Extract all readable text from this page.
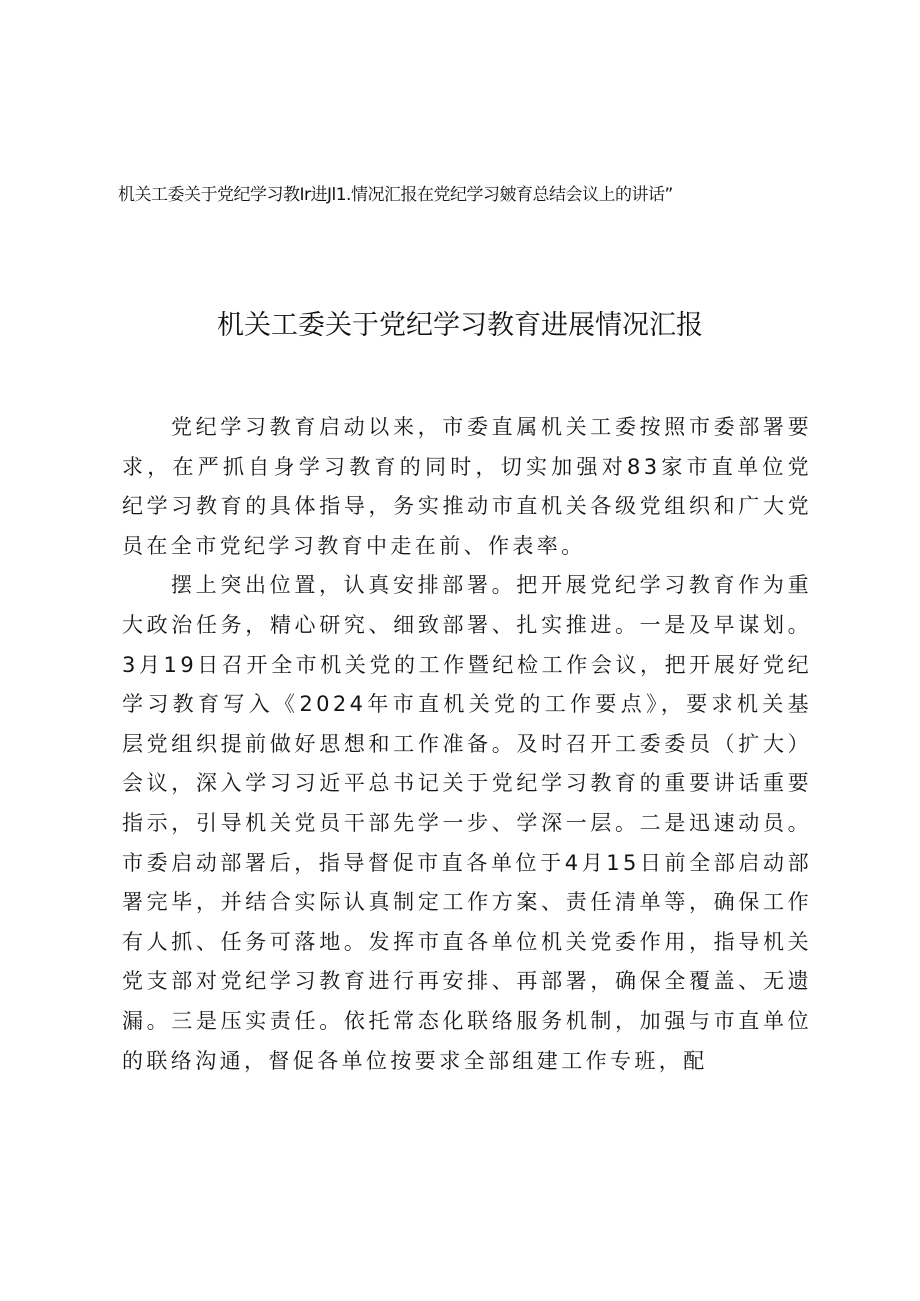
机关工委关于党纪学习教Ir进Jl1.情况汇报在党纪学习皴育总结会议上的讲话”
机关工委关于党纪学习教育进展情况汇报

党纪学习教育启动以来，市委直属机关工委按照市委部署要求，在严抓自身学习教育的同时，切实加强对83家市直单位党纪学习教育的具体指导，务实推动市直机关各级党组织和广大党员在全市党纪学习教育中走在前、作表率。

摆上突出位置，认真安排部署。把开展党纪学习教育作为重大政治任务，精心研究、细致部署、扎实推进。一是及早谋划。3月19日召开全市机关党的工作暨纪检工作会议，把开展好党纪学习教育写入《2024年市直机关党的工作要点》，要求机关基层党组织提前做好思想和工作准备。及时召开工委委员（扩大）会议，深入学习习近平总书记关于党纪学习教育的重要讲话重要指示，引导机关党员干部先学一步、学深一层。二是迅速动员。市委启动部署后，指导督促市直各单位于4月15日前全部启动部署完毕，并结合实际认真制定工作方案、责任清单等，确保工作有人抓、任务可落地。发挥市直各单位机关党委作用，指导机关党支部对党纪学习教育进行再安排、再部署，确保全覆盖、无遗漏。三是压实责任。依托常态化联络服务机制，加强与市直单位的联络沟通，督促各单位按要求全部组建工作专班，配
